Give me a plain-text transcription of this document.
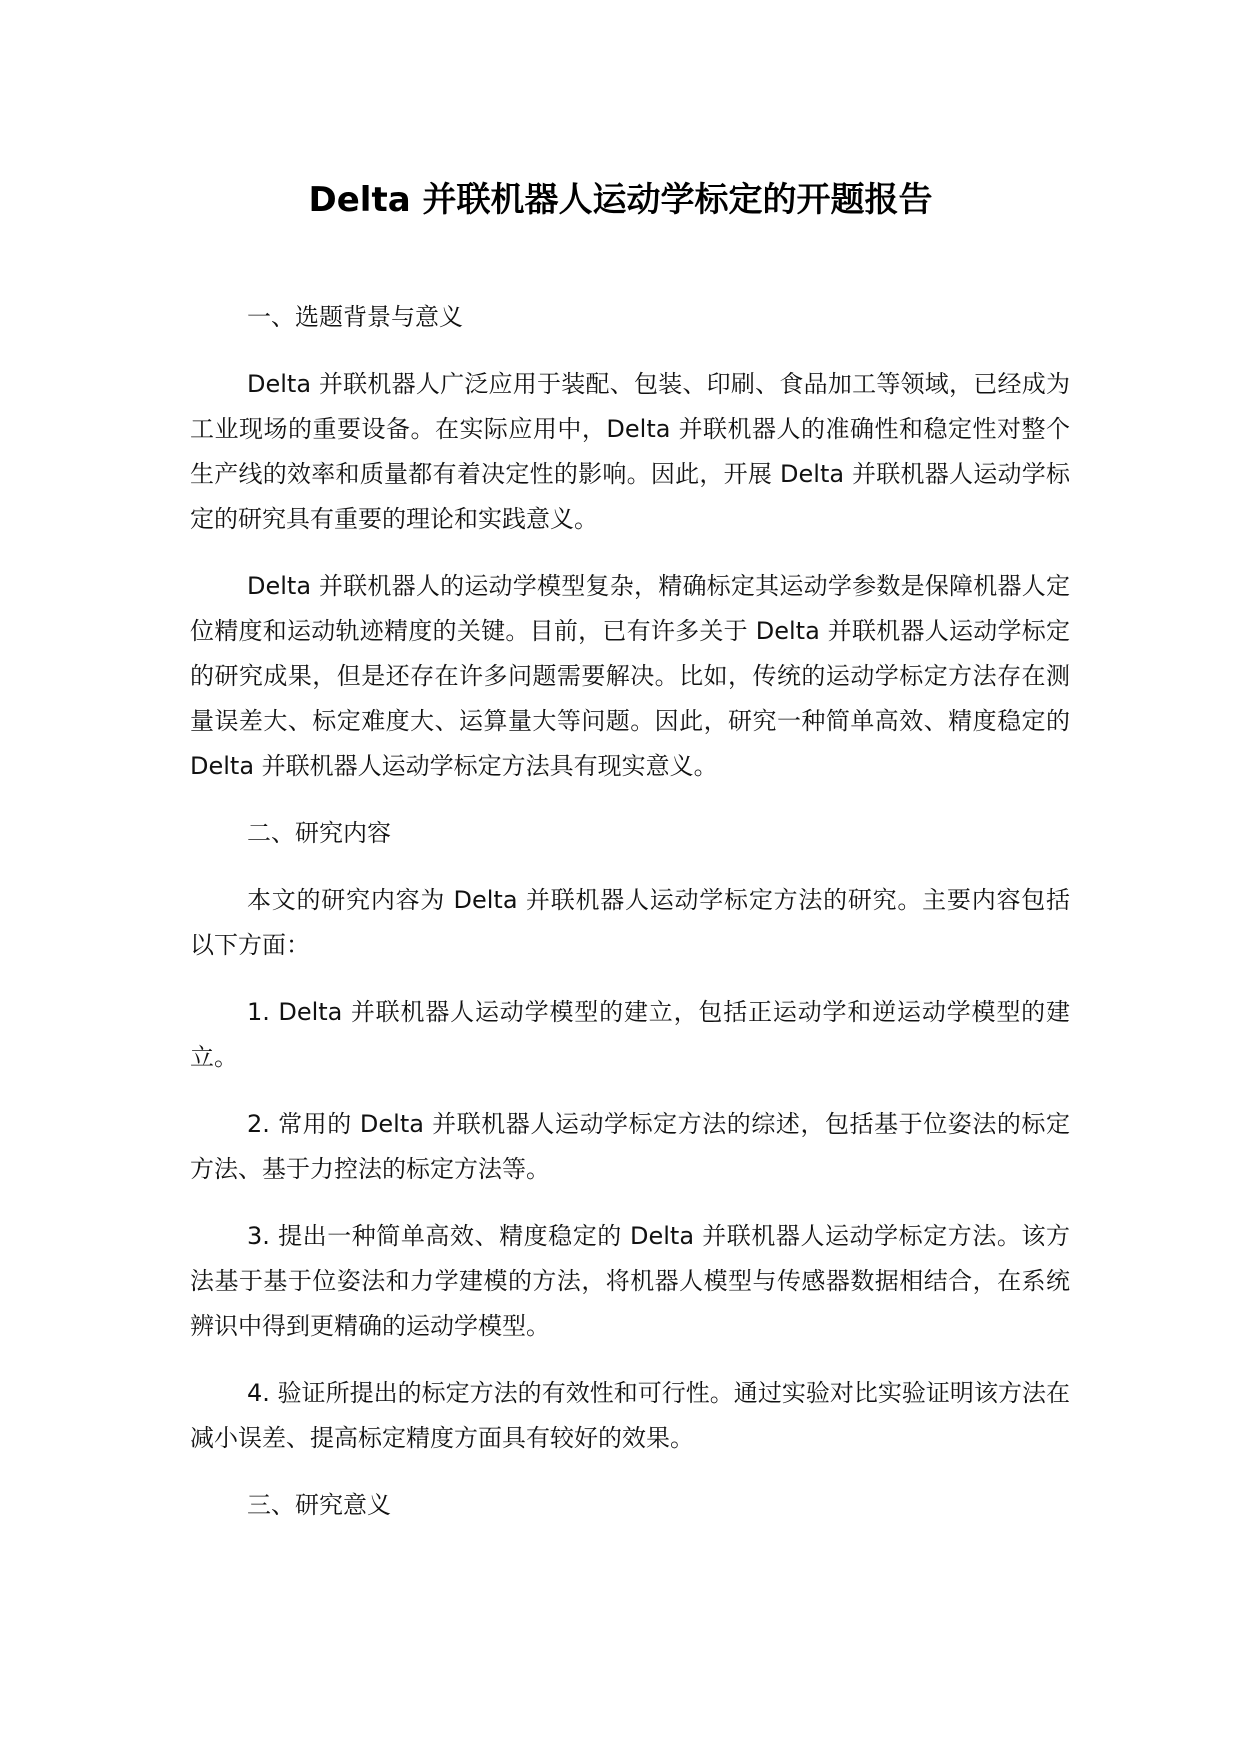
Delta 并联机器人运动学标定的开题报告
一、选题背景与意义

Delta 并联机器人广泛应用于装配、包装、印刷、食品加工等领域，已经成为工业现场的重要设备。在实际应用中，Delta 并联机器人的准确性和稳定性对整个生产线的效率和质量都有着决定性的影响。因此，开展 Delta 并联机器人运动学标定的研究具有重要的理论和实践意义。

Delta 并联机器人的运动学模型复杂，精确标定其运动学参数是保障机器人定位精度和运动轨迹精度的关键。目前，已有许多关于 Delta 并联机器人运动学标定的研究成果，但是还存在许多问题需要解决。比如，传统的运动学标定方法存在测量误差大、标定难度大、运算量大等问题。因此，研究一种简单高效、精度稳定的 Delta 并联机器人运动学标定方法具有现实意义。

二、研究内容

本文的研究内容为 Delta 并联机器人运动学标定方法的研究。主要内容包括以下方面：

1. Delta 并联机器人运动学模型的建立，包括正运动学和逆运动学模型的建立。

2. 常用的 Delta 并联机器人运动学标定方法的综述，包括基于位姿法的标定方法、基于力控法的标定方法等。

3. 提出一种简单高效、精度稳定的 Delta 并联机器人运动学标定方法。该方法基于基于位姿法和力学建模的方法，将机器人模型与传感器数据相结合，在系统辨识中得到更精确的运动学模型。

4. 验证所提出的标定方法的有效性和可行性。通过实验对比实验证明该方法在减小误差、提高标定精度方面具有较好的效果。

三、研究意义
